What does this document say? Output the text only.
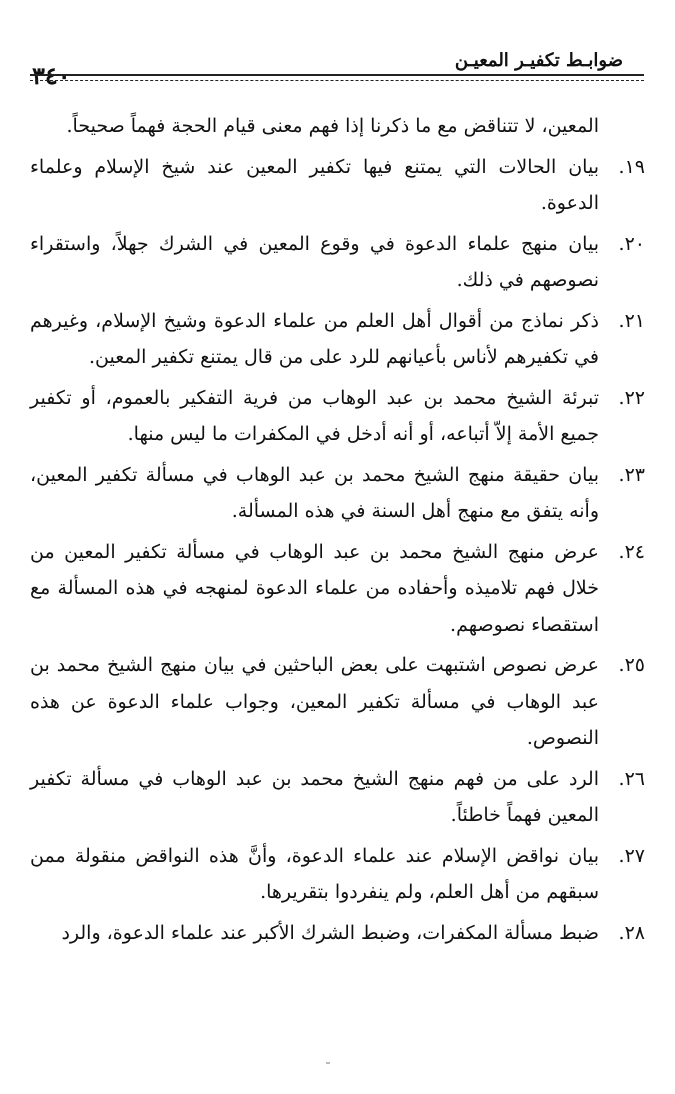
ضوابـط تكفيـر المعيـن
٣٤٠

المعين، لا تتناقض مع ما ذكرنا إذا فهم معنى قيام الحجة فهماً صحيحاً.

١٩.
بيان الحالات التي يمتنع فيها تكفير المعين عند شيخ الإسلام وعلماء الدعوة.
٢٠.
بيان منهج علماء الدعوة في وقوع المعين في الشرك جهلاً، واستقراء نصوصهم في ذلك.
٢١.
ذكر نماذج من أقوال أهل العلم من علماء الدعوة وشيخ الإسلام، وغيرهم في تكفيرهم لأناس بأعيانهم للرد على من قال يمتنع تكفير المعين.
٢٢.
تبرئة الشيخ محمد بن عبد الوهاب من فرية التفكير بالعموم، أو تكفير جميع الأمة إلاّ أتباعه، أو أنه أدخل في المكفرات ما ليس منها.
٢٣.
بيان حقيقة منهج الشيخ محمد بن عبد الوهاب في مسألة تكفير المعين، وأنه يتفق مع منهج أهل السنة في هذه المسألة.
٢٤.
عرض منهج الشيخ محمد بن عبد الوهاب في مسألة تكفير المعين من خلال فهم تلاميذه وأحفاده من علماء الدعوة لمنهجه في هذه المسألة مع استقصاء نصوصهم.
٢٥.
عرض نصوص اشتبهت على بعض الباحثين في بيان منهج الشيخ محمد بن عبد الوهاب في مسألة تكفير المعين، وجواب علماء الدعوة عن هذه النصوص.
٢٦.
الرد على من فهم منهج الشيخ محمد بن عبد الوهاب في مسألة تكفير المعين فهماً خاطئاً.
٢٧.
بيان نواقض الإسلام عند علماء الدعوة، وأنَّ هذه النواقض منقولة ممن سبقهم من أهل العلم، ولم ينفردوا بتقريرها.
٢٨.
ضبط مسألة المكفرات، وضبط الشرك الأكبر عند علماء الدعوة، والرد
